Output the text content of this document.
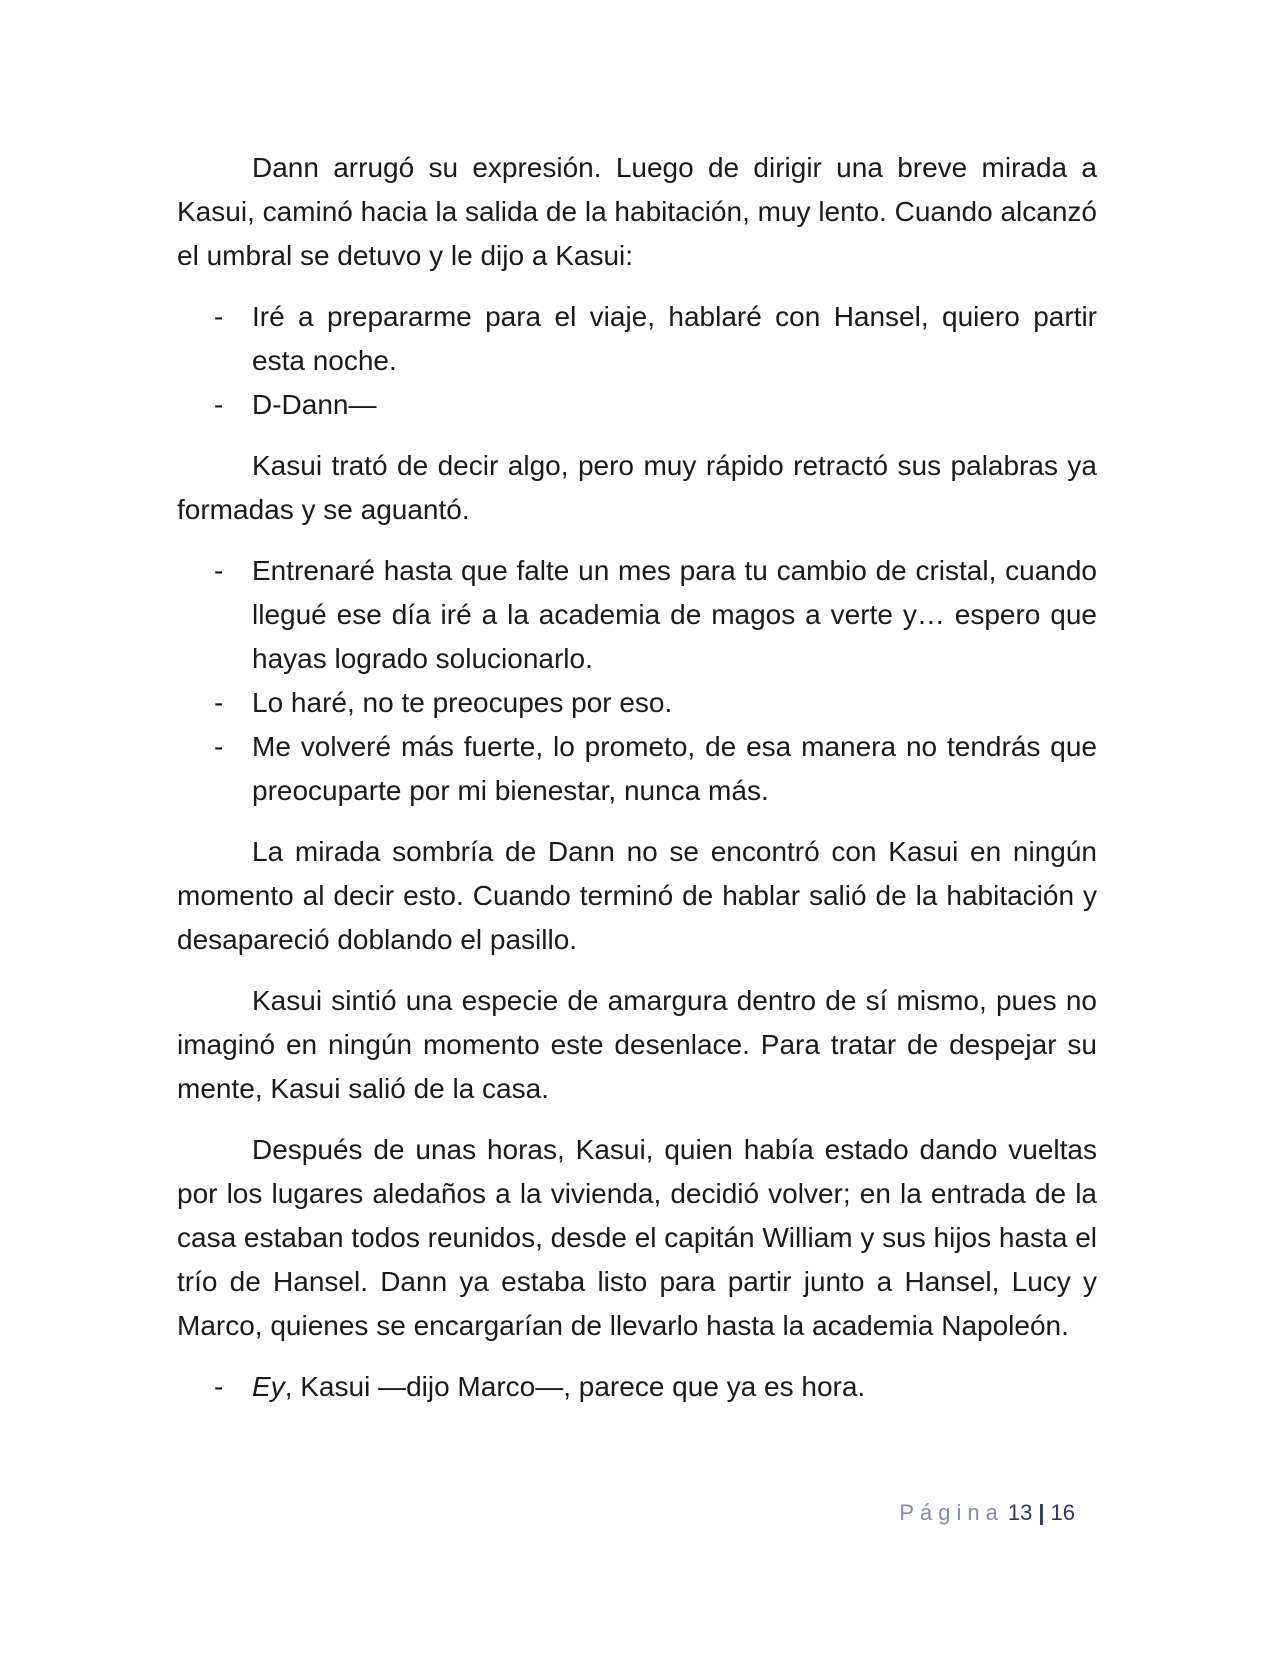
Dann arrugó su expresión. Luego de dirigir una breve mirada a Kasui, caminó hacia la salida de la habitación, muy lento. Cuando alcanzó el umbral se detuvo y le dijo a Kasui:

- Iré a prepararme para el viaje, hablaré con Hansel, quiero partir esta noche.
- D-Dann—

Kasui trató de decir algo, pero muy rápido retractó sus palabras ya formadas y se aguantó.

- Entrenaré hasta que falte un mes para tu cambio de cristal, cuando llegué ese día iré a la academia de magos a verte y… espero que hayas logrado solucionarlo.
- Lo haré, no te preocupes por eso.
- Me volveré más fuerte, lo prometo, de esa manera no tendrás que preocuparte por mi bienestar, nunca más.

La mirada sombría de Dann no se encontró con Kasui en ningún momento al decir esto. Cuando terminó de hablar salió de la habitación y desapareció doblando el pasillo.

Kasui sintió una especie de amargura dentro de sí mismo, pues no imaginó en ningún momento este desenlace. Para tratar de despejar su mente, Kasui salió de la casa.

Después de unas horas, Kasui, quien había estado dando vueltas por los lugares aledaños a la vivienda, decidió volver; en la entrada de la casa estaban todos reunidos, desde el capitán William y sus hijos hasta el trío de Hansel. Dann ya estaba listo para partir junto a Hansel, Lucy y Marco, quienes se encargarían de llevarlo hasta la academia Napoleón.

- Ey, Kasui —dijo Marco—, parece que ya es hora.
Página 13 | 16
